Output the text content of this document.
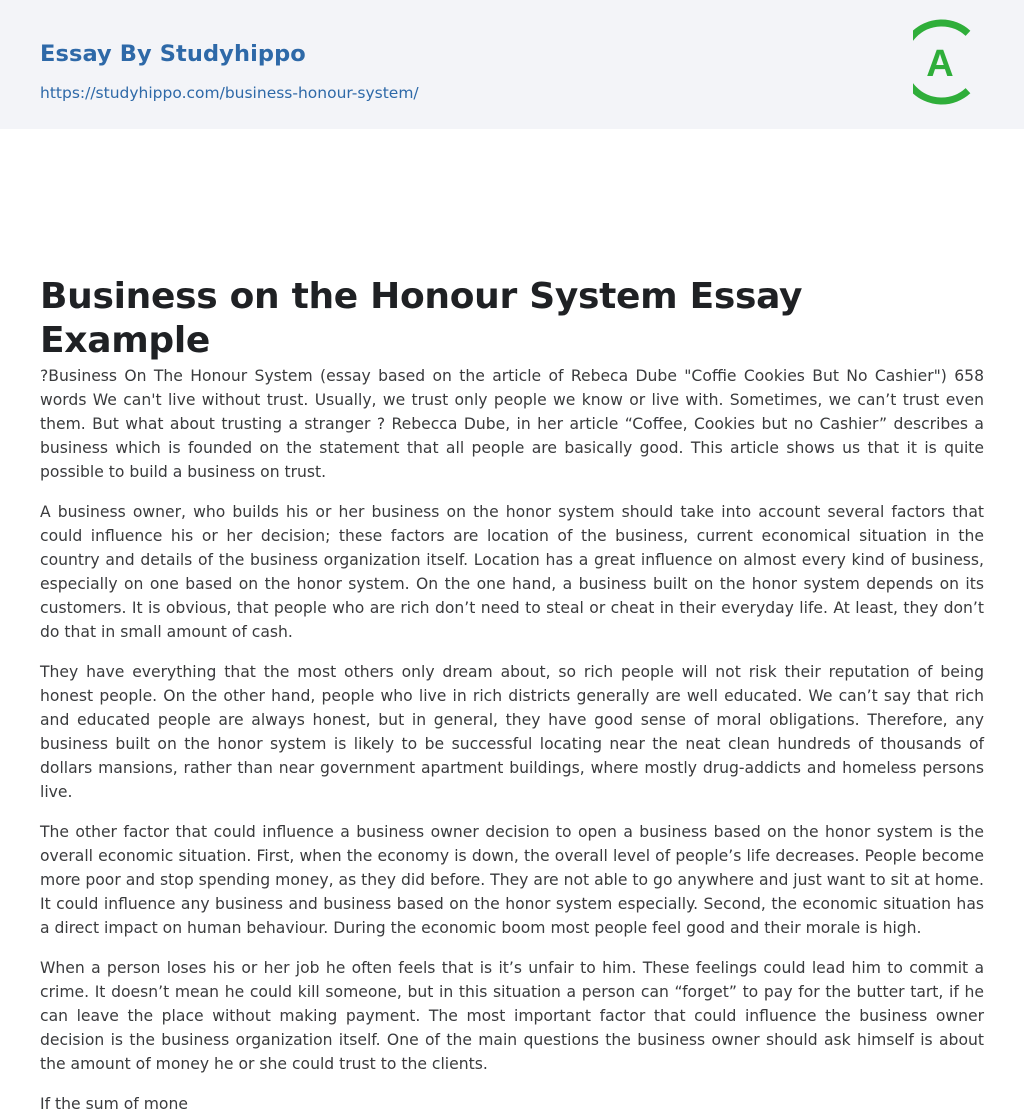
Essay By Studyhippo
https://studyhippo.com/business-honour-system/
A
Business on the Honour System Essay Example

?Business On The Honour System (essay based on the article of Rebeca Dube "Coffie Cookies But No Cashier") 658 words We can't live without trust. Usually, we trust only people we know or live with. Sometimes, we can’t trust even them. But what about trusting a stranger ? Rebecca Dube, in her article “Coffee, Cookies but no Cashier” describes a business which is founded on the statement that all people are basically good. This article shows us that it is quite possible to build a business on trust.

A business owner, who builds his or her business on the honor system should take into account several factors that could influence his or her decision; these factors are location of the business, current economical situation in the country and details of the business organization itself. Location has a great influence on almost every kind of business, especially on one based on the honor system. On the one hand, a business built on the honor system depends on its customers. It is obvious, that people who are rich don’t need to steal or cheat in their everyday life. At least, they don’t do that in small amount of cash.

They have everything that the most others only dream about, so rich people will not risk their reputation of being honest people. On the other hand, people who live in rich districts generally are well educated. We can’t say that rich and educated people are always honest, but in general, they have good sense of moral obligations. Therefore, any business built on the honor system is likely to be successful locating near the neat clean hundreds of thousands of dollars mansions, rather than near government apartment buildings, where mostly drug-addicts and homeless persons live.

The other factor that could influence a business owner decision to open a business based on the honor system is the overall economic situation. First, when the economy is down, the overall level of people’s life decreases. People become more poor and stop spending money, as they did before. They are not able to go anywhere and just want to sit at home. It could influence any business and business based on the honor system especially. Second, the economic situation has a direct impact on human behaviour. During the economic boom most people feel good and their morale is high.

When a person loses his or her job he often feels that is it’s unfair to him. These feelings could lead him to commit a crime. It doesn’t mean he could kill someone, but in this situation a person can “forget” to pay for the butter tart, if he can leave the place without making payment. The most important factor that could influence the business owner decision is the business organization itself. One of the main questions the business owner should ask himself is about the amount of money he or she could trust to the clients.

If the sum of mone
